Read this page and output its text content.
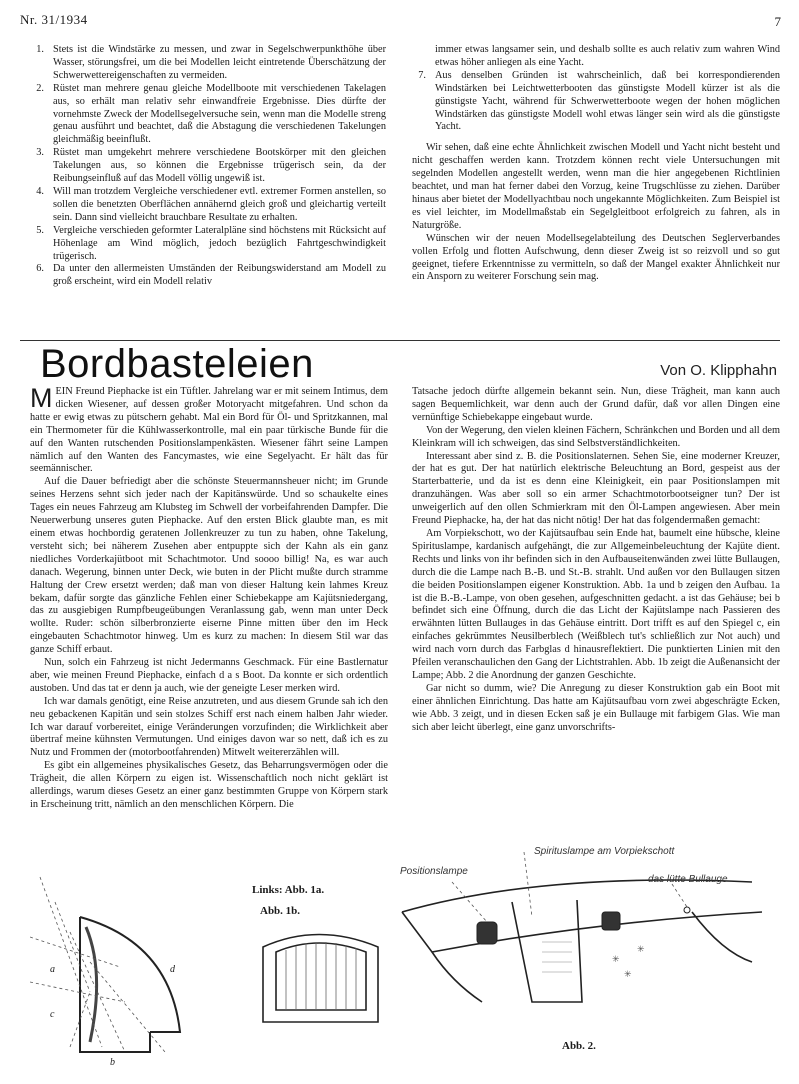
Nr. 31/1934	7
1. Stets ist die Windstärke zu messen, und zwar in Segelschwerpunkthöhe über Wasser, störungsfrei, um die bei Modellen leicht eintretende Überschätzung der Schwerwettereigenschaften zu vermeiden.
2. Rüstet man mehrere genau gleiche Modellboote mit verschiedenen Takelagen aus, so erhält man relativ sehr einwandfreie Ergebnisse. Dies dürfte der vornehmste Zweck der Modellsegelversuche sein, wenn man die Modelle streng genau ausführt und beachtet, daß die Abstagung die verschiedenen Takelungen gleichmäßig beeinflußt.
3. Rüstet man umgekehrt mehrere verschiedene Bootskörper mit den gleichen Takelungen aus, so können die Ergebnisse trügerisch sein, da der Reibungseinfluß auf das Modell völlig ungewiß ist.
4. Will man trotzdem Vergleiche verschiedener evtl. extremer Formen anstellen, so sollen die benetzten Oberflächen annähernd gleich groß und gleichartig verteilt sein. Dann sind vielleicht brauchbare Resultate zu erhalten.
5. Vergleiche verschieden geformter Lateralpläne sind höchstens mit Rücksicht auf Höhenlage am Wind möglich, jedoch bezüglich Fahrtgeschwindigkeit trügerisch.
6. Da unter den allermeisten Umständen der Reibungswiderstand am Modell zu groß erscheint, wird ein Modell relativ
immer etwas langsamer sein, und deshalb sollte es auch relativ zum wahren Wind etwas höher anliegen als eine Yacht.
7. Aus denselben Gründen ist wahrscheinlich, daß bei korrespondierenden Windstärken bei Leichtwetterbooten das günstigste Modell kürzer ist als die günstigste Yacht, während für Schwerwetterboote wegen der hohen möglichen Windstärken das günstigste Modell wohl etwas länger sein wird als die günstigste Yacht.

Wir sehen, daß eine echte Ähnlichkeit zwischen Modell und Yacht nicht besteht und nicht geschaffen werden kann. Trotzdem können recht viele Untersuchungen mit segelnden Modellen angestellt werden, wenn man die hier angegebenen Richtlinien beachtet, und man hat ferner dabei den Vorzug, keine Trugschlüsse zu ziehen. Darüber hinaus aber bietet der Modellyachtbau noch ungekannte Möglichkeiten. Zum Beispiel ist es viel leichter, im Modellmaßstab ein Segelgleitboot erfolgreich zu fahren, als in Naturgröße.

Wünschen wir der neuen Modellsegelabteilung des Deutschen Seglerverbandes vollen Erfolg und flotten Aufschwung, denn dieser Zweig ist so reizvoll und so gut geeignet, tiefere Erkenntnisse zu vermitteln, so daß der Mangel exakter Ähnlichkeit nur ein Ansporn zu weiterer Forschung sein mag.

Bordbasteleien	Von O. Klipphahn

MEIN Freund Piephacke ist ein Tüftler. Jahrelang war er mit seinem Intimus, dem dicken Wiesener, auf dessen großer Motoryacht mitgefahren. Und schon da hatte er ewig etwas zu pütschern gehabt. Mal ein Bord für Öl- und Spritzkannen, mal ein Thermometer für die Kühlwasserkontrolle, mal ein paar türkische Bunde für die auf den Wanten rutschenden Positionslampenkästen. Wiesener fährt seine Lampen nämlich auf den Wanten des Fancymastes, wie eine Segelyacht. Er hält das für seemännischer.

Auf die Dauer befriedigt aber die schönste Steuermannsheuer nicht; im Grunde seines Herzens sehnt sich jeder nach der Kapitänswürde. Und so schaukelte eines Tages ein neues Fahrzeug am Klubsteg im Schwell der vorbeifahrenden Dampfer. Die Neuerwerbung unseres guten Piephacke. Auf den ersten Blick glaubte man, es mit einem etwas hochbordig geratenen Jollenkreuzer zu tun zu haben, ohne Takelung, versteht sich; bei näherem Zusehen aber entpuppte sich der Kahn als ein ganz niedliches Vorderkajütboot mit Schachtmotor. Und soooo billig! Na, es war auch danach. Wegerung, binnen unter Deck, wie buten in der Plicht mußte durch stramme Haltung der Crew ersetzt werden; daß man von dieser Haltung kein lahmes Kreuz bekam, dafür sorgte das gänzliche Fehlen einer Schiebekappe am Kajütsniedergang, das zu ausgiebigen Rumpfbeugeübungen Veranlassung gab, wenn man unter Deck wollte. Ruder: schön silberbronzierte eiserne Pinne mitten über den im Heck eingebauten Schachtmotor hinweg. Um es kurz zu machen: In diesem Stil war das ganze Schiff erbaut.

Nun, solch ein Fahrzeug ist nicht Jedermanns Geschmack. Für eine Bastlernatur aber, wie meinen Freund Piephacke, einfach d a s Boot. Da konnte er sich ordentlich austoben. Und das tat er denn ja auch, wie der geneigte Leser merken wird.

Ich war damals genötigt, eine Reise anzutreten, und aus diesem Grunde sah ich den neu gebackenen Kapitän und sein stolzes Schiff erst nach einem halben Jahr wieder. Ich war darauf vorbereitet, einige Veränderungen vorzufinden; die Wirklichkeit aber übertraf meine kühnsten Vermutungen. Und einiges davon war so nett, daß ich es zu Nutz und Frommen der (motorbootfahrenden) Mitwelt weitererzählen will.

Es gibt ein allgemeines physikalisches Gesetz, das Beharrungsvermögen oder die Trägheit, die allen Körpern zu eigen ist. Wissenschaftlich noch nicht geklärt ist allerdings, warum dieses Gesetz an einer ganz bestimmten Gruppe von Körpern stark in Erscheinung tritt, nämlich an den menschlichen Körpern. Die

Tatsache jedoch dürfte allgemein bekannt sein. Nun, diese Trägheit, man kann auch sagen Bequemlichkeit, war denn auch der Grund dafür, daß vor allen Dingen eine vernünftige Schiebekappe eingebaut wurde.

Von der Wegerung, den vielen kleinen Fächern, Schränkchen und Borden und all dem Kleinkram will ich schweigen, das sind Selbstverständlichkeiten.

Interessant aber sind z. B. die Positionslaternen. Sehen Sie, eine moderner Kreuzer, der hat es gut. Der hat natürlich elektrische Beleuchtung an Bord, gespeist aus der Starterbatterie, und da ist es denn eine Kleinigkeit, ein paar Positionslampen mit dranzuhängen. Was aber soll so ein armer Schachtmotorbootseigner tun? Der ist unweigerlich auf den ollen Schmierkram mit den Öl-Lampen angewiesen. Aber mein Freund Piephacke, ha, der hat das nicht nötig! Der hat das folgendermaßen gemacht:

Am Vorpiekschott, wo der Kajütsaufbau sein Ende hat, baumelt eine hübsche, kleine Spirituslampe, kardanisch aufgehängt, die zur Allgemeinbeleuchtung der Kajüte dient. Rechts und links von ihr befinden sich in den Aufbauseitenwänden zwei lütte Bullaugen, durch die die Lampe nach B.-B. und St.-B. strahlt. Und außen vor den Bullaugen sitzen die beiden Positionslampen eigener Konstruktion. Abb. 1a und b zeigen den Aufbau. 1a ist die B.-B.-Lampe, von oben gesehen, aufgeschnitten gedacht. a ist das Gehäuse; bei b befindet sich eine Öffnung, durch die das Licht der Kajütslampe nach Passieren des erwähnten lütten Bullauges in das Gehäuse eintritt. Dort trifft es auf den Spiegel c, ein einfaches gekrümmtes Neusilberblech (Weißblech tut's schließlich zur Not auch) und wird nach vorn durch das Farbglas d hinausreflektiert. Die punktierten Linien mit den Pfeilen veranschaulichen den Gang der Lichtstrahlen. Abb. 1b zeigt die Außenansicht der Lampe; Abb. 2 die Anordnung der ganzen Geschichte.

Gar nicht so dumm, wie? Die Anregung zu dieser Konstruktion gab ein Boot mit einer ähnlichen Einrichtung. Das hatte am Kajütsaufbau vorn zwei abgeschrägte Ecken, wie Abb. 3 zeigt, und in diesen Ecken saß je ein Bullauge mit farbigem Glas. Wie man sich aber leicht überlegt, eine ganz unvorschrifts-

a
c
d
b
Links: Abb. 1a.
Abb. 1b.
✳
✳
✳
Spirituslampe am Vorpiekschott
Positionslampe
das lütte Bullauge
Abb. 2.
